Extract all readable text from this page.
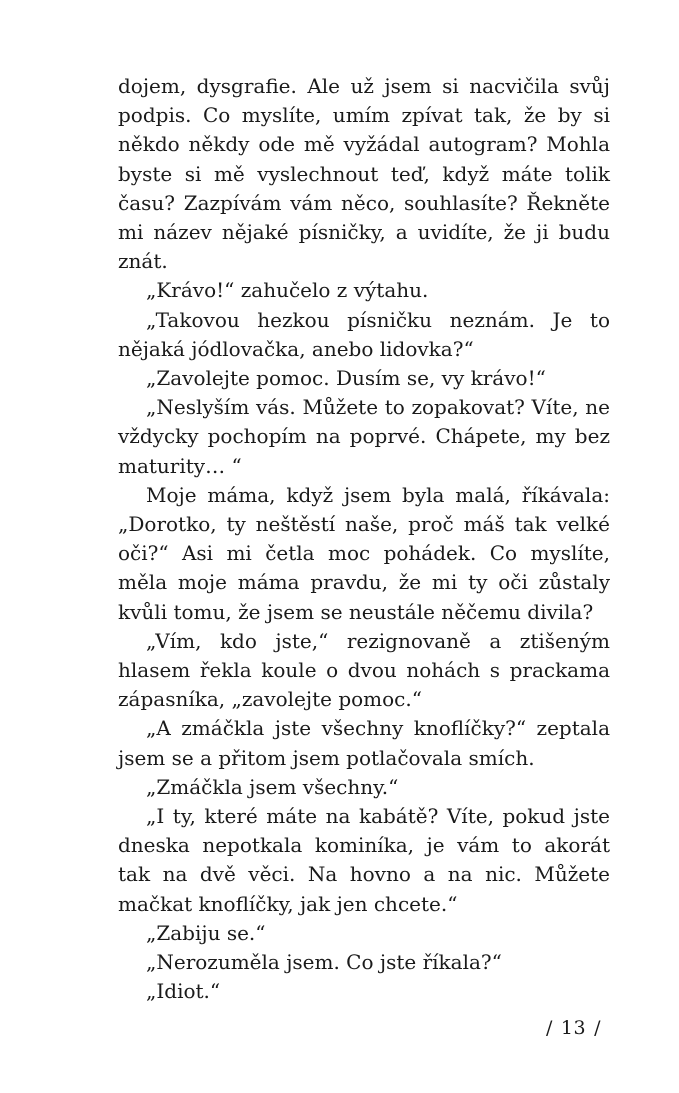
dojem, dysgrafie. Ale už jsem si nacvičila svůj podpis. Co myslíte, umím zpívat tak, že by si někdo někdy ode mě vyžádal autogram? Mohla byste si mě vyslechnout teď, když máte tolik času? Zazpívám vám něco, souhlasíte? Řekněte mi název nějaké písničky, a uvidíte, že ji budu znát.

„Krávo!“ zahučelo z výtahu.

„Takovou hezkou písničku neznám. Je to nějaká jódlovačka, anebo lidovka?“

„Zavolejte pomoc. Dusím se, vy krávo!“

„Neslyším vás. Můžete to zopakovat? Víte, ne vždycky pochopím na poprvé. Chápete, my bez maturity… “

Moje máma, když jsem byla malá, říkávala: „Dorotko, ty neštěstí naše, proč máš tak velké oči?“ Asi mi četla moc pohádek. Co myslíte, měla moje máma pravdu, že mi ty oči zůstaly kvůli tomu, že jsem se neustále něčemu divila?

„Vím, kdo jste,“ rezignovaně a ztišeným hlasem řekla koule o dvou nohách s prackama zápasníka, „zavolejte pomoc.“

„A zmáčkla jste všechny knoflíčky?“ zeptala jsem se a přitom jsem potlačovala smích.

„Zmáčkla jsem všechny.“

„I ty, které máte na kabátě? Víte, pokud jste dneska nepotkala kominíka, je vám to akorát tak na dvě věci. Na hovno a na nic. Můžete mačkat knoflíčky, jak jen chcete.“

„Zabiju se.“

„Nerozuměla jsem. Co jste říkala?“

„Idiot.“

/ 13 /
